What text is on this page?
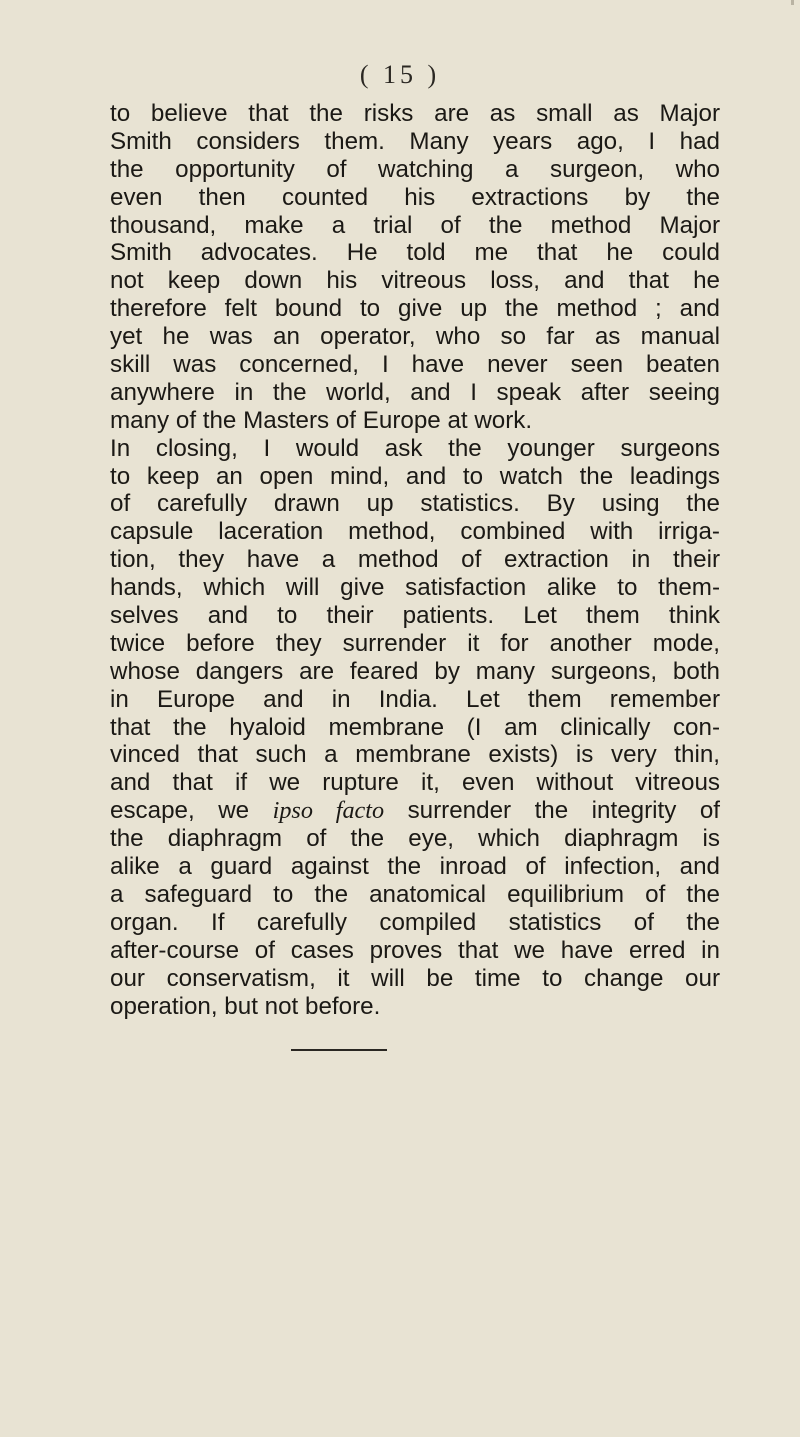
( 15 )
to believe that the risks are as small as Major
Smith considers them. Many years ago, I had
the opportunity of watching a surgeon, who
even then counted his extractions by the
thousand, make a trial of the method Major
Smith advocates. He told me that he could
not keep down his vitreous loss, and that he
therefore felt bound to give up the method ; and
yet he was an operator, who so far as manual
skill was concerned, I have never seen beaten
anywhere in the world, and I speak after seeing
many of the Masters of Europe at work.
In closing, I would ask the younger surgeons
to keep an open mind, and to watch the leadings
of carefully drawn up statistics. By using the
capsule laceration method, combined with irriga-
tion, they have a method of extraction in their
hands, which will give satisfaction alike to them-
selves and to their patients. Let them think
twice before they surrender it for another mode,
whose dangers are feared by many surgeons, both
in Europe and in India. Let them remember
that the hyaloid membrane (I am clinically con-
vinced that such a membrane exists) is very thin,
and that if we rupture it, even without vitreous
escape, we ipso facto surrender the integrity of
the diaphragm of the eye, which diaphragm is
alike a guard against the inroad of infection, and
a safeguard to the anatomical equilibrium of the
organ. If carefully compiled statistics of the
after-course of cases proves that we have erred in
our conservatism, it will be time to change our
operation, but not before.
